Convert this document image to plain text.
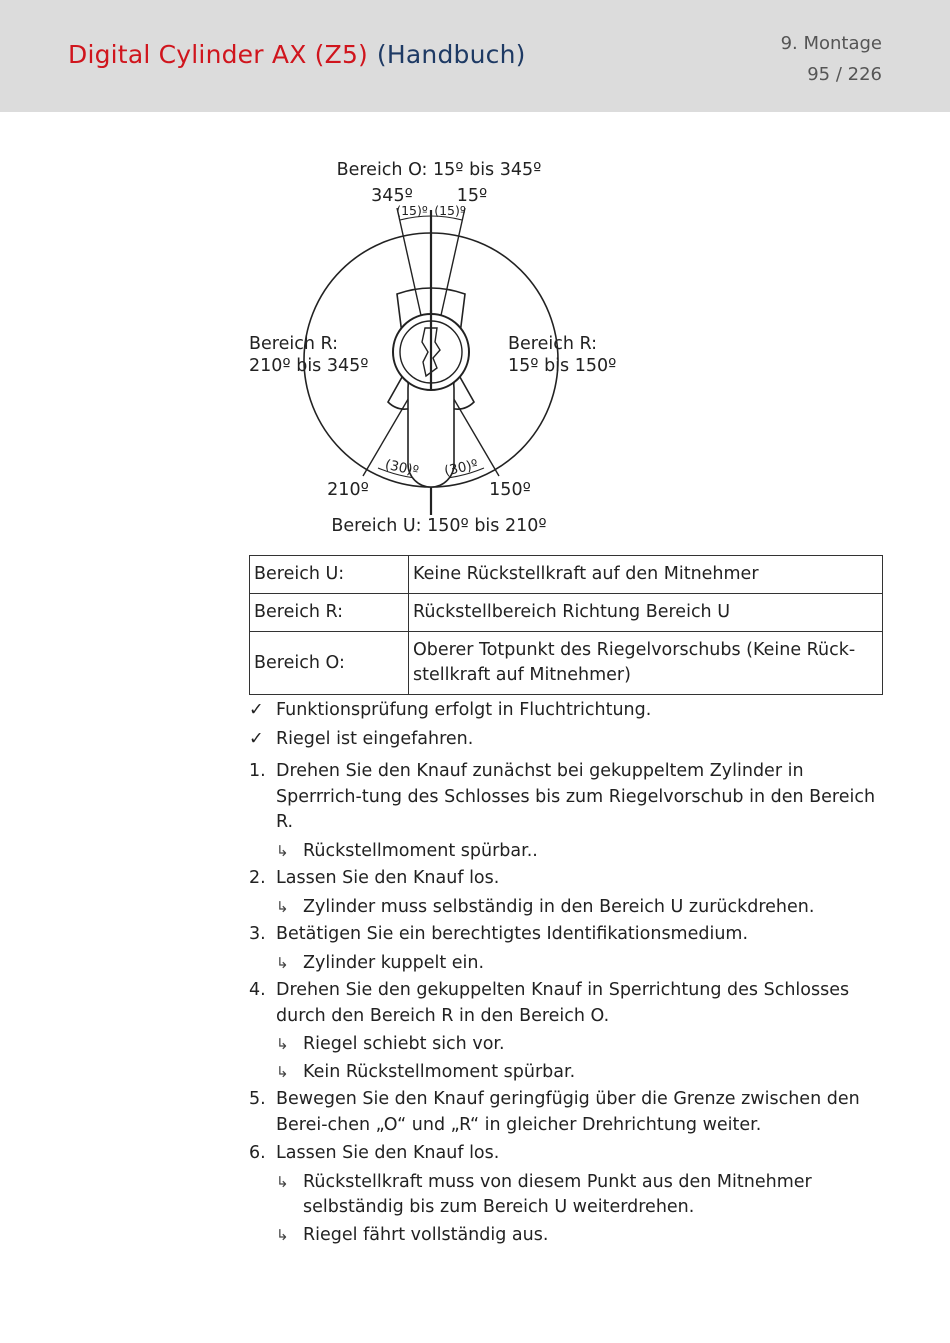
Digital Cylinder AX (Z5) (Handbuch)	9. Montage
95 / 226
Bereich O: 15º bis 345º
345º	15º
(15)º (15)º
Bereich R:
210º bis 345º
Bereich R:
15º bis 150º
(30)º (30)º
210º	150º
Bereich U: 150º bis 210º
Bereich U:	Keine Rückstellkraft auf den Mitnehmer
Bereich R:	Rückstellbereich Richtung Bereich U
Bereich O:	Oberer Totpunkt des Riegelvorschubs (Keine Rück-stellkraft auf Mitnehmer)
✓ Funktionsprüfung erfolgt in Fluchtrichtung.
✓ Riegel ist eingefahren.
1. Drehen Sie den Knauf zunächst bei gekuppeltem Zylinder in Sperrrich-tung des Schlosses bis zum Riegelvorschub in den Bereich R.
↳ Rückstellmoment spürbar..
2. Lassen Sie den Knauf los.
↳ Zylinder muss selbständig in den Bereich U zurückdrehen.
3. Betätigen Sie ein berechtigtes Identifikationsmedium.
↳ Zylinder kuppelt ein.
4. Drehen Sie den gekuppelten Knauf in Sperrichtung des Schlosses durch den Bereich R in den Bereich O.
↳ Riegel schiebt sich vor.
↳ Kein Rückstellmoment spürbar.
5. Bewegen Sie den Knauf geringfügig über die Grenze zwischen den Berei-chen „O“ und „R“ in gleicher Drehrichtung weiter.
6. Lassen Sie den Knauf los.
↳ Rückstellkraft muss von diesem Punkt aus den Mitnehmer selbständig bis zum Bereich U weiterdrehen.
↳ Riegel fährt vollständig aus.
